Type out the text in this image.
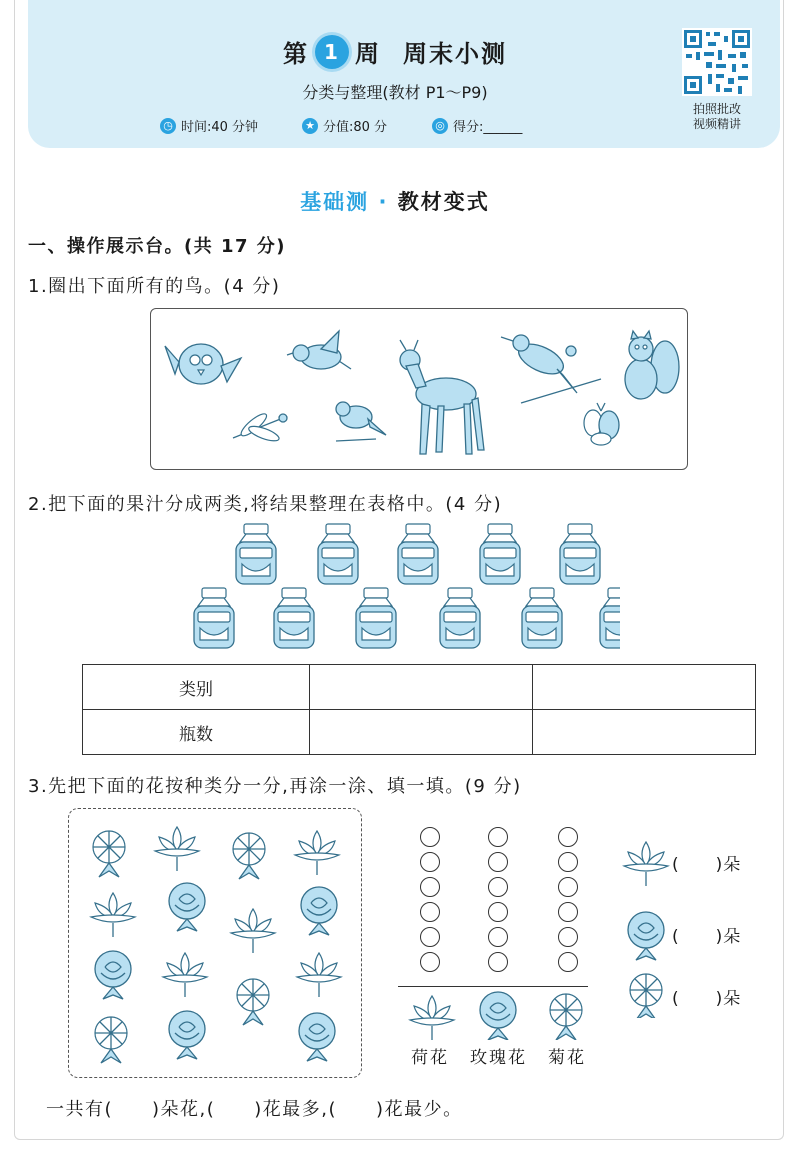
第 1 周 周末小测
分类与整理(教材 P1～P9)
◷ 时间:40 分钟	★ 分值:80 分	◎ 得分:______
拍照批改
视频精讲
基础测 · 教材变式
一、操作展示台。(共 17 分)
1.圈出下面所有的鸟。(4 分)
2.把下面的果汁分成两类,将结果整理在表格中。(4 分)
类别		
瓶数		
3.先把下面的花按种类分一分,再涂一涂、填一填。(9 分)
荷花 玫瑰花 菊花
(　　)朵
(　　)朵
(　　)朵
一共有(　　)朵花,(　　)花最多,(　　)花最少。
